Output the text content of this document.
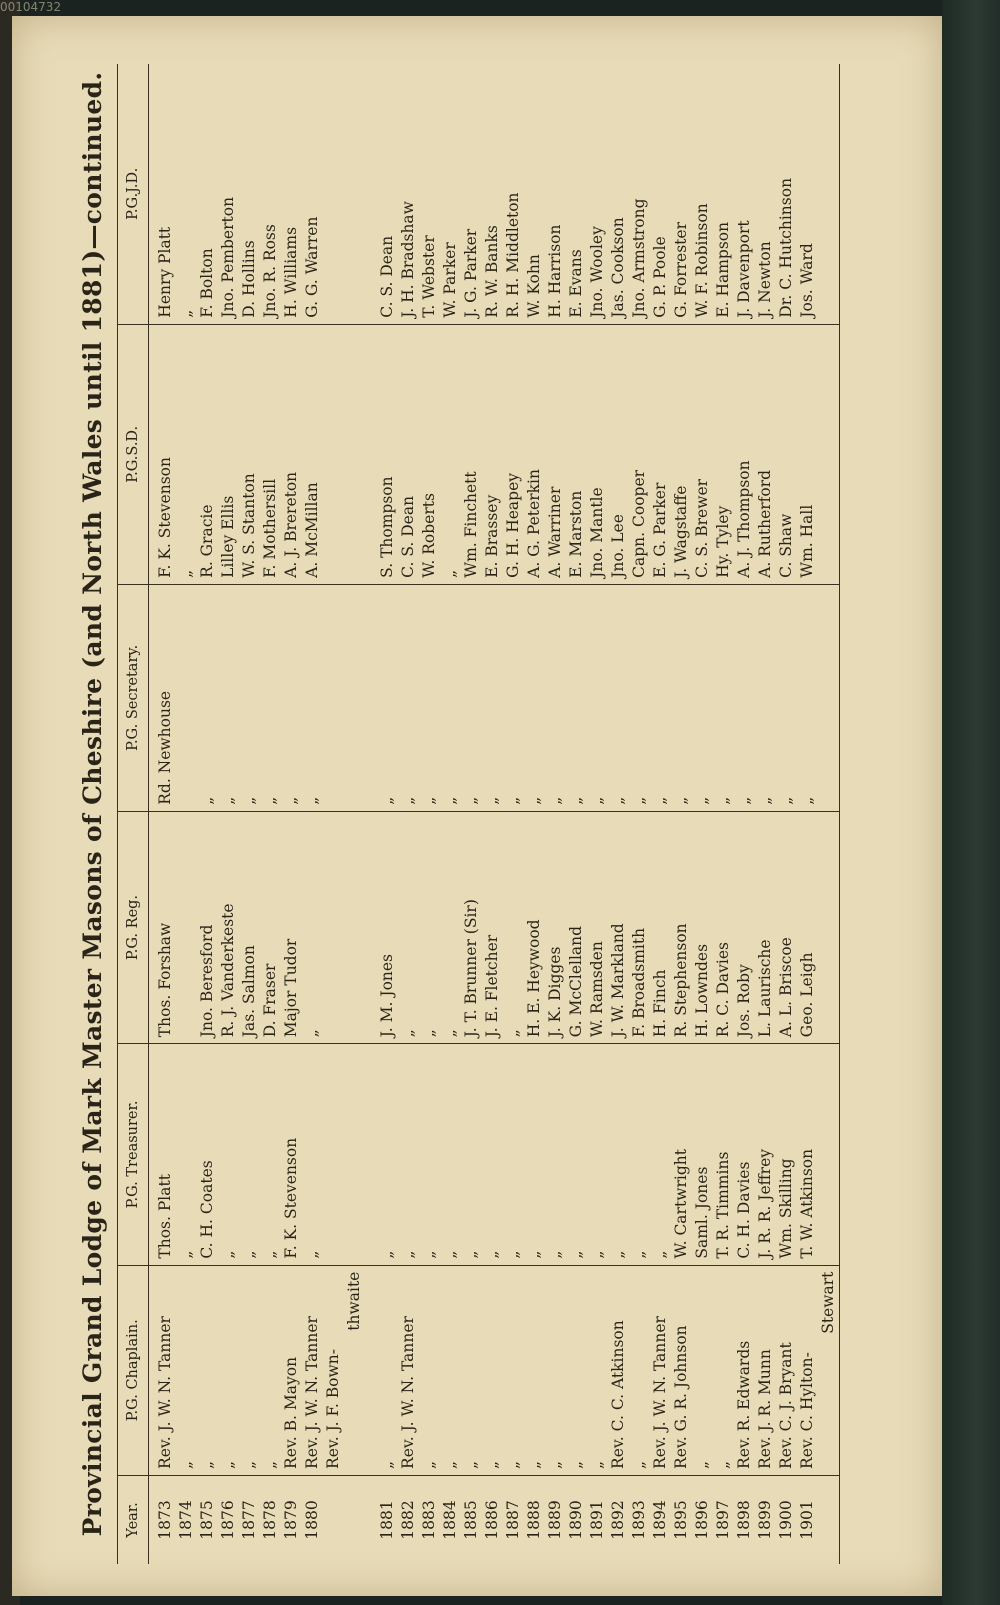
00104732
Provincial Grand Lodge of Mark Master Masons of Cheshire (and North Wales until 1881)—continued. Year.	P.G. Chaplain.	P.G. Treasurer.	P.G. Reg.	P.G. Secretary.	P.G.S.D.	P.G.J.D.
1873	Rev. J. W. N. Tanner	Thos. Platt	Thos. Forshaw	Rd. Newhouse	F. K. Stevenson	Henry Platt
1874	„	„			„	„
1875	„	C. H. Coates	Jno. Beresford	„	R. Gracie	F. Bolton
1876	„	„	R. J. Vanderkeste	„	Lilley Ellis	Jno. Pemberton
1877	„	„	Jas. Salmon	„	W. S. Stanton	D. Hollins
1878	„	„	D. Fraser	„	F. Mothersill	Jno. R. Ross
1879	Rev. B. Mayon	F. K. Stevenson	Major Tudor	„	A. J. Brereton	H. Williams
1880	Rev. J. W. N. Tanner	„	„	„	A. McMillan	G. G. Warren
	Rev. J. F. Bown-					
	thwaite					

1881	„	„	J. M. Jones	„	S. Thompson	C. S. Dean
1882	Rev. J. W. N. Tanner	„	„	„	C. S. Dean	J. H. Bradshaw
1883	„	„	„	„	W. Roberts	T. Webster
1884	„	„	„	„	„	W. Parker
1885	„	„	J. T. Brunner (Sir)	„	Wm. Finchett	J. G. Parker
1886	„	„	J. E. Fletcher	„	E. Brassey	R. W. Banks
1887	„	„	„	„	G. H. Heapey	R. H. Middleton
1888	„	„	H. E. Heywood	„	A. G. Peterkin	W. Kohn
1889	„	„	J. K. Digges	„	A. Warriner	H. Harrison
1890	„	„	G. McClelland	„	E. Marston	E. Evans
1891	„	„	W. Ramsden	„	Jno. Mantle	Jno. Wooley
1892	Rev. C. C. Atkinson	„	J. W. Markland	„	Jno. Lee	Jas. Cookson
1893	„	„	F. Broadsmith	„	Capn. Cooper	Jno. Armstrong
1894	Rev. J. W. N. Tanner	„	H. Finch	„	E. G. Parker	G. P. Poole
1895	Rev. G. R. Johnson	W. Cartwright	R. Stephenson	„	J. Wagstaffe	G. Forrester
1896	„	Saml. Jones	H. Lowndes	„	C. S. Brewer	W. F. Robinson
1897	„	T. R. Timmins	R. C. Davies	„	Hy. Tyley	E. Hampson
1898	Rev. R. Edwards	C. H. Davies	Jos. Roby	„	A. J. Thompson	J. Davenport
1899	Rev. J. R. Munn	J. R. R. Jeffrey	L. Laurische	„	A. Rutherford	J. Newton
1900	Rev. C. J. Bryant	Wm. Skilling	A. L. Briscoe	„	C. Shaw	Dr. C. Hutchinson
1901	Rev. C. Hylton-	T. W. Atkinson	Geo. Leigh	„	Wm. Hall	Jos. Ward
	Stewart					
